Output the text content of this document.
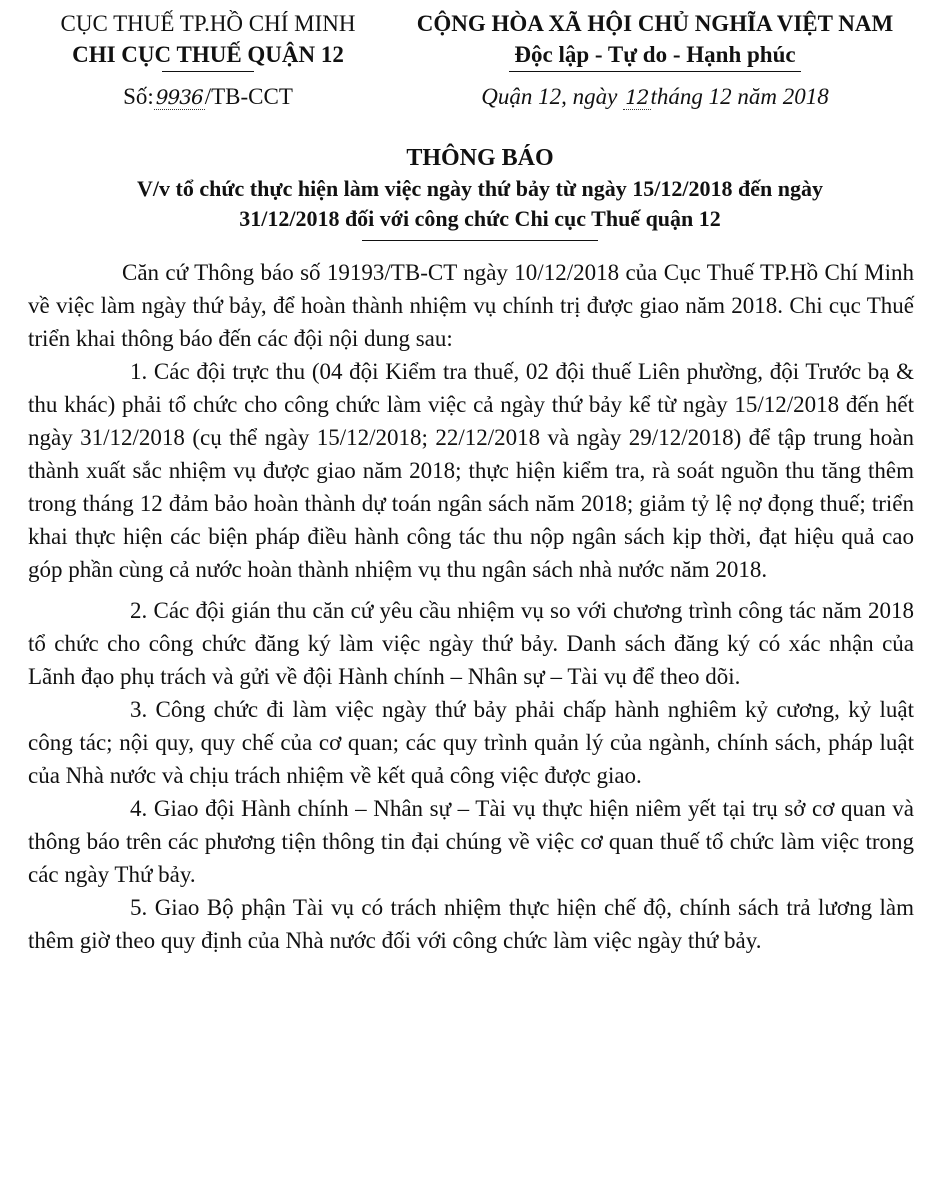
CỤC THUẾ TP.HỒ CHÍ MINH
CHI CỤC THUẾ QUẬN 12
Số: 9936/TB-CCT
CỘNG HÒA XÃ HỘI CHỦ NGHĨA VIỆT NAM
Độc lập - Tự do - Hạnh phúc
Quận 12, ngày 12tháng 12 năm 2018
THÔNG BÁO
V/v tổ chức thực hiện làm việc ngày thứ bảy từ ngày 15/12/2018 đến ngày
31/12/2018 đối với công chức Chi cục Thuế quận 12

Căn cứ Thông báo số 19193/TB-CT ngày 10/12/2018 của Cục Thuế TP.Hồ Chí Minh về việc làm ngày thứ bảy, để hoàn thành nhiệm vụ chính trị được giao năm 2018. Chi cục Thuế triển khai thông báo đến các đội nội dung sau:

1. Các đội trực thu (04 đội Kiểm tra thuế, 02 đội thuế Liên phường, đội Trước bạ & thu khác) phải tổ chức cho công chức làm việc cả ngày thứ bảy kể từ ngày 15/12/2018 đến hết ngày 31/12/2018 (cụ thể ngày 15/12/2018; 22/12/2018 và ngày 29/12/2018) để tập trung hoàn thành xuất sắc nhiệm vụ được giao năm 2018; thực hiện kiểm tra, rà soát nguồn thu tăng thêm trong tháng 12 đảm bảo hoàn thành dự toán ngân sách năm 2018; giảm tỷ lệ nợ đọng thuế; triển khai thực hiện các biện pháp điều hành công tác thu nộp ngân sách kịp thời, đạt hiệu quả cao góp phần cùng cả nước hoàn thành nhiệm vụ thu ngân sách nhà nước năm 2018.

2. Các đội gián thu căn cứ yêu cầu nhiệm vụ so với chương trình công tác năm 2018 tổ chức cho công chức đăng ký làm việc ngày thứ bảy. Danh sách đăng ký có xác nhận của Lãnh đạo phụ trách và gửi về đội Hành chính – Nhân sự – Tài vụ để theo dõi.

3. Công chức đi làm việc ngày thứ bảy phải chấp hành nghiêm kỷ cương, kỷ luật công tác; nội quy, quy chế của cơ quan; các quy trình quản lý của ngành, chính sách, pháp luật của Nhà nước và chịu trách nhiệm về kết quả công việc được giao.

4. Giao đội Hành chính – Nhân sự – Tài vụ thực hiện niêm yết tại trụ sở cơ quan và thông báo trên các phương tiện thông tin đại chúng về việc cơ quan thuế tổ chức làm việc trong các ngày Thứ bảy.

5. Giao Bộ phận Tài vụ có trách nhiệm thực hiện chế độ, chính sách trả lương làm thêm giờ theo quy định của Nhà nước đối với công chức làm việc ngày thứ bảy.
